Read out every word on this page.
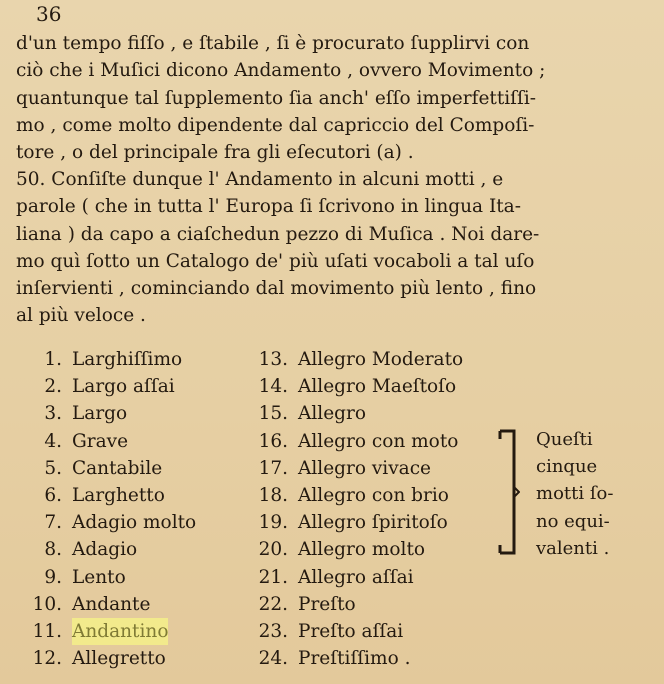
36
d'un tempo fiſſo , e ſtabile , ſi è procurato ſupplirvi con
ciò che i Muſici dicono Andamento , ovvero Movimento ;
quantunque tal ſupplemento ſia anch' eſſo imperfettiſſi-
mo , come molto dipendente dal capriccio del Compoſi-
tore , o del principale fra gli eſecutori (a) .
50. Conſiſte dunque l' Andamento in alcuni motti , e
parole ( che in tutta l' Europa ſi ſcrivono in lingua Ita-
liana ) da capo a ciaſchedun pezzo di Muſica . Noi dare-
mo quì ſotto un Catalogo de' più uſati vocaboli a tal uſo
inſervienti , cominciando dal movimento più lento , fino
al più veloce .
1. Larghiſſimo
2. Largo aſſai
3. Largo
4. Grave
5. Cantabile
6. Larghetto
7. Adagio molto
8. Adagio
9. Lento
10. Andante
11. Andantino
12. Allegretto
13. Allegro Moderato
14. Allegro Maeſtoſo
15. Allegro
16. Allegro con moto
17. Allegro vivace
18. Allegro con brio
19. Allegro ſpiritoſo
20. Allegro molto
21. Allegro aſſai
22. Preſto
23. Preſto aſſai
24. Preſtiſſimo .
Queſti
cinque
motti ſo-
no equi-
valenti .
